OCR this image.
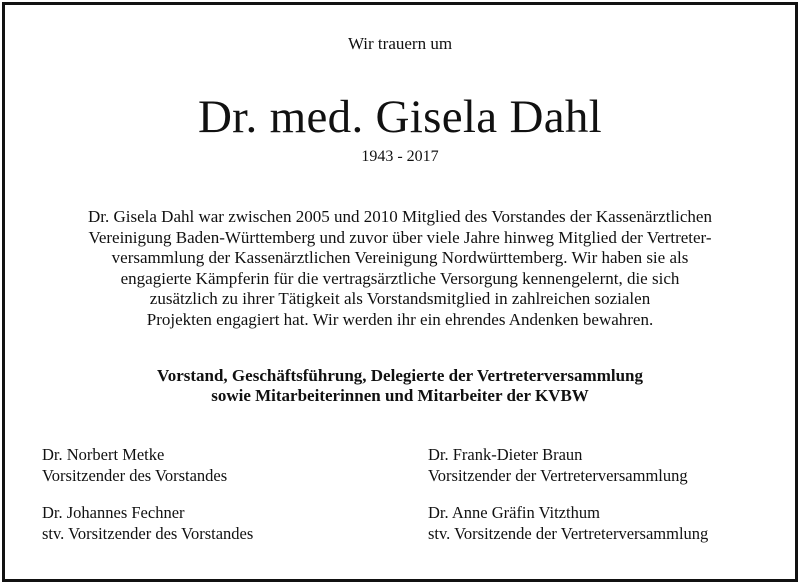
Wir trauern um
Dr. med. Gisela Dahl
1943 - 2017
Dr. Gisela Dahl war zwischen 2005 und 2010 Mitglied des Vorstandes der Kassenärztlichen
Vereinigung Baden-Württemberg und zuvor über viele Jahre hinweg Mitglied der Vertreter-
versammlung der Kassenärztlichen Vereinigung Nordwürttemberg. Wir haben sie als
engagierte Kämpferin für die vertragsärztliche Versorgung kennengelernt, die sich
zusätzlich zu ihrer Tätigkeit als Vorstandsmitglied in zahlreichen sozialen
Projekten engagiert hat. Wir werden ihr ein ehrendes Andenken bewahren.
Vorstand, Geschäftsführung, Delegierte der Vertreterversammlung
sowie Mitarbeiterinnen und Mitarbeiter der KVBW
Dr. Norbert Metke
Vorsitzender des Vorstandes
Dr. Frank-Dieter Braun
Vorsitzender der Vertreterversammlung
Dr. Johannes Fechner
stv. Vorsitzender des Vorstandes
Dr. Anne Gräfin Vitzthum
stv. Vorsitzende der Vertreterversammlung
